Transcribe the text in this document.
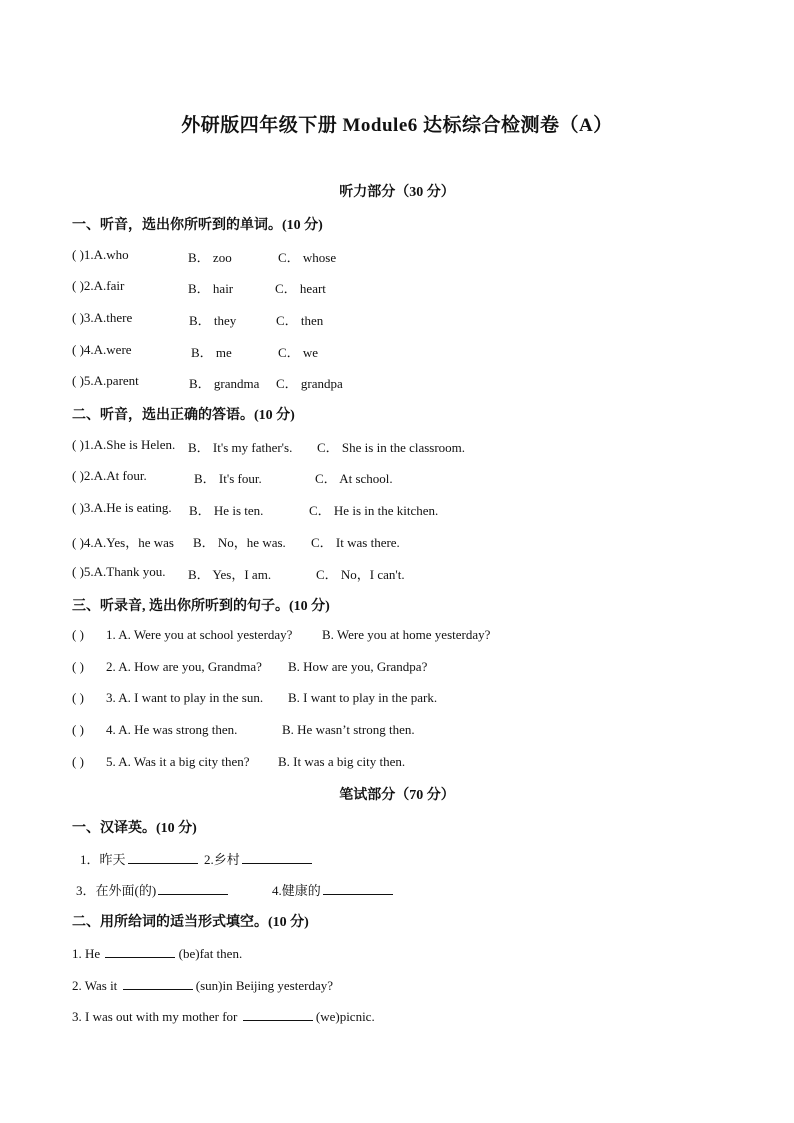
外研版四年级下册 Module6 达标综合检测卷（A）
听力部分（30 分）
一、听音，选出你所听到的单词。(10 分)
( )1.A.who	B． zoo	C． whose
( )2.A.fair	B． hair	C． heart
( )3.A.there	B． they	C． then
( )4.A.were	B． me	C． we
( )5.A.parent	B． grandma C． grandpa
二、听音，选出正确的答语。(10 分)
( )1.A.She is Helen. B． It's my father's. C． She is in the classroom.
( )2.A.At four.	B． It's four.	C． At school.
( )3.A.He is eating. B． He is ten.	C． He is in the kitchen.
( )4.A.Yes，he was B． No，he was. C． It was there.
( )5.A.Thank you. B． Yes，I am.	C． No，I can't.
三、听录音, 选出你所听到的句子。(10 分)
( ) 1. A. Were you at school yesterday? B. Were you at home yesterday?
( ) 2. A. How are you, Grandma? B. How are you, Grandpa?
( ) 3. A. I want to play in the sun. B. I want to play in the park.
( ) 4. A. He was strong then.	B. He wasn’t strong then.
( ) 5. A. Was it a big city then? B. It was a big city then.
笔试部分（70 分）
一、汉译英。(10 分)
1．昨天	2.乡村
3．在外面(的)	4.健康的
二、用所给词的适当形式填空。(10 分)
1. He	(be)fat then.
2. Was it	(sun)in Beijing yesterday?
3. I was out with my mother for	(we)picnic.
